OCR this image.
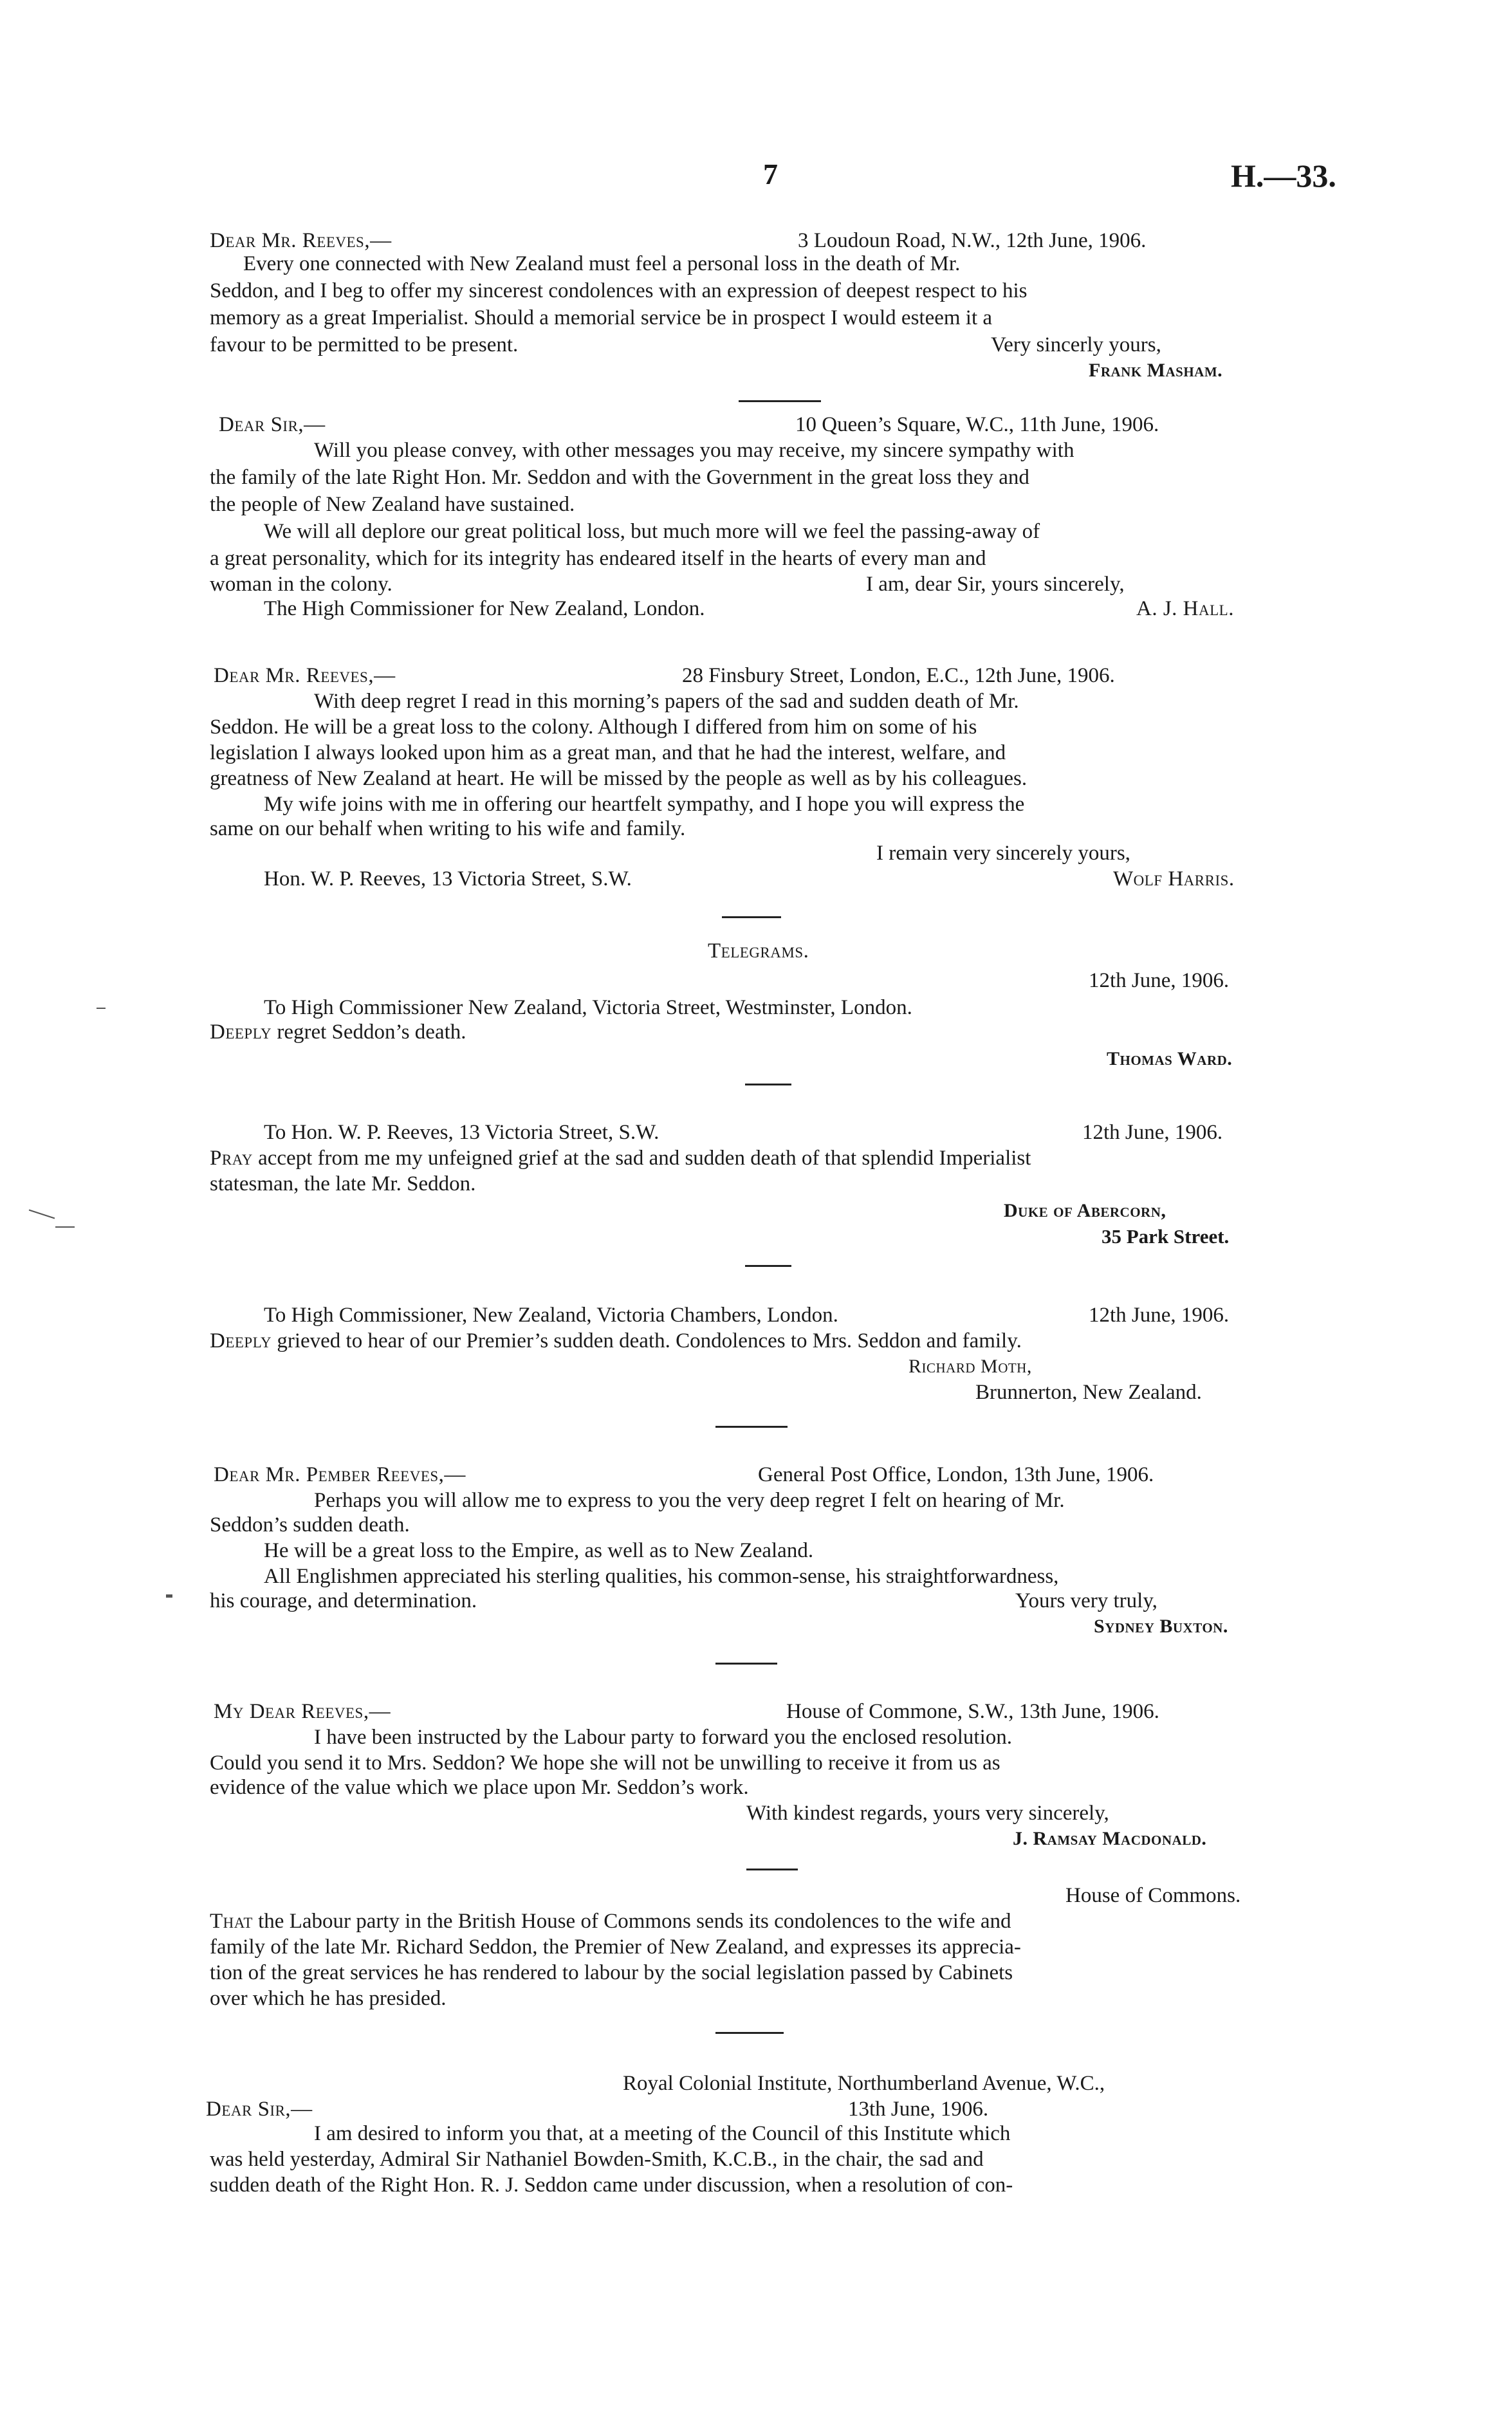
7	H.—33.
Dear Mr. Reeves,—	3 Loudoun Road, N.W., 12th June, 1906.
Every one connected with New Zealand must feel a personal loss in the death of Mr.
Seddon, and I beg to offer my sincerest condolences with an expression of deepest respect to his
memory as a great Imperialist. Should a memorial service be in prospect I would esteem it a
favour to be permitted to be present.	Very sincerly yours,
Frank Masham.
Dear Sir,—	10 Queen’s Square, W.C., 11th June, 1906.
Will you please convey, with other messages you may receive, my sincere sympathy with
the family of the late Right Hon. Mr. Seddon and with the Government in the great loss they and
the people of New Zealand have sustained.
We will all deplore our great political loss, but much more will we feel the passing-away of
a great personality, which for its integrity has endeared itself in the hearts of every man and
woman in the colony.	I am, dear Sir, yours sincerely,
The High Commissioner for New Zealand, London.	A. J. Hall.
Dear Mr. Reeves,—	28 Finsbury Street, London, E.C., 12th June, 1906.
With deep regret I read in this morning’s papers of the sad and sudden death of Mr.
Seddon. He will be a great loss to the colony. Although I differed from him on some of his
legislation I always looked upon him as a great man, and that he had the interest, welfare, and
greatness of New Zealand at heart. He will be missed by the people as well as by his colleagues.
My wife joins with me in offering our heartfelt sympathy, and I hope you will express the
same on our behalf when writing to his wife and family.
I remain very sincerely yours,
Hon. W. P. Reeves, 13 Victoria Street, S.W.	Wolf Harris.
Telegrams.
12th June, 1906.
To High Commissioner New Zealand, Victoria Street, Westminster, London.
Deeply regret Seddon’s death.
Thomas Ward.
To Hon. W. P. Reeves, 13 Victoria Street, S.W.	12th June, 1906.
Pray accept from me my unfeigned grief at the sad and sudden death of that splendid Imperialist
statesman, the late Mr. Seddon.
Duke of Abercorn,
35 Park Street.
To High Commissioner, New Zealand, Victoria Chambers, London.	12th June, 1906.
Deeply grieved to hear of our Premier’s sudden death. Condolences to Mrs. Seddon and family.
Richard Moth,
Brunnerton, New Zealand.
Dear Mr. Pember Reeves,—	General Post Office, London, 13th June, 1906.
Perhaps you will allow me to express to you the very deep regret I felt on hearing of Mr.
Seddon’s sudden death.
He will be a great loss to the Empire, as well as to New Zealand.
All Englishmen appreciated his sterling qualities, his common-sense, his straightforwardness,
his courage, and determination.	Yours very truly,
Sydney Buxton.
My Dear Reeves,—	House of Commone, S.W., 13th June, 1906.
I have been instructed by the Labour party to forward you the enclosed resolution.
Could you send it to Mrs. Seddon? We hope she will not be unwilling to receive it from us as
evidence of the value which we place upon Mr. Seddon’s work.
With kindest regards, yours very sincerely,
J. Ramsay Macdonald.
House of Commons.
That the Labour party in the British House of Commons sends its condolences to the wife and
family of the late Mr. Richard Seddon, the Premier of New Zealand, and expresses its apprecia-
tion of the great services he has rendered to labour by the social legislation passed by Cabinets
over which he has presided.
Royal Colonial Institute, Northumberland Avenue, W.C.,
13th June, 1906.
Dear Sir,—
I am desired to inform you that, at a meeting of the Council of this Institute which
was held yesterday, Admiral Sir Nathaniel Bowden-Smith, K.C.B., in the chair, the sad and
sudden death of the Right Hon. R. J. Seddon came under discussion, when a resolution of con-
